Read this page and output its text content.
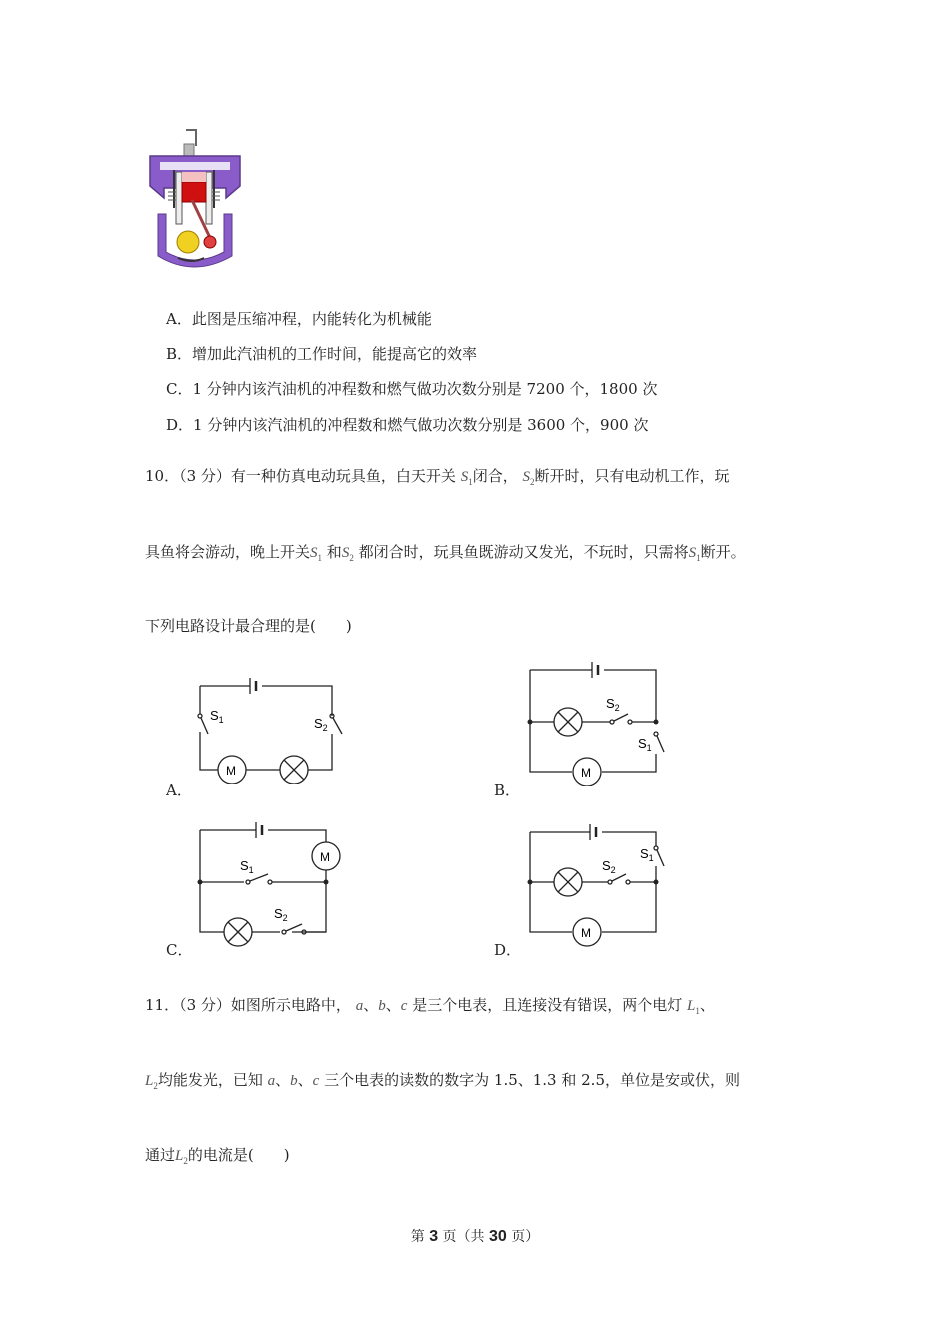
A．此图是压缩冲程，内能转化为机械能
B．增加此汽油机的工作时间，能提高它的效率
C．1 分钟内该汽油机的冲程数和燃气做功次数分别是 7200 个，1800 次
D．1 分钟内该汽油机的冲程数和燃气做功次数分别是 3600 个，900 次
10．（3 分）有一种仿真电动玩具鱼，白天开关 $S_1$闭合， $S_2$断开时，只有电动机工作，玩
具鱼将会游动，晚上开关$S_1$ 和$S_2$ 都闭合时，玩具鱼既游动又发光，不玩时，只需将$S_1$断开。
下列电路设计最合理的是(　　)
$S_1$	$S_2$
M
A．
$S_2$
$S_1$
M
B．
$S_1$
$S_2$
M
C．
$S_2$
$S_1$
M
D．
11．（3 分）如图所示电路中， a、b、c 是三个电表，且连接没有错误，两个电灯 $L_1$、
$L_2$均能发光，已知 a、b、c 三个电表的读数的数字为 1.5、1.3 和 2.5，单位是安或伏，则
通过$L_2$的电流是(　　)
第 3 页（共 30 页）
